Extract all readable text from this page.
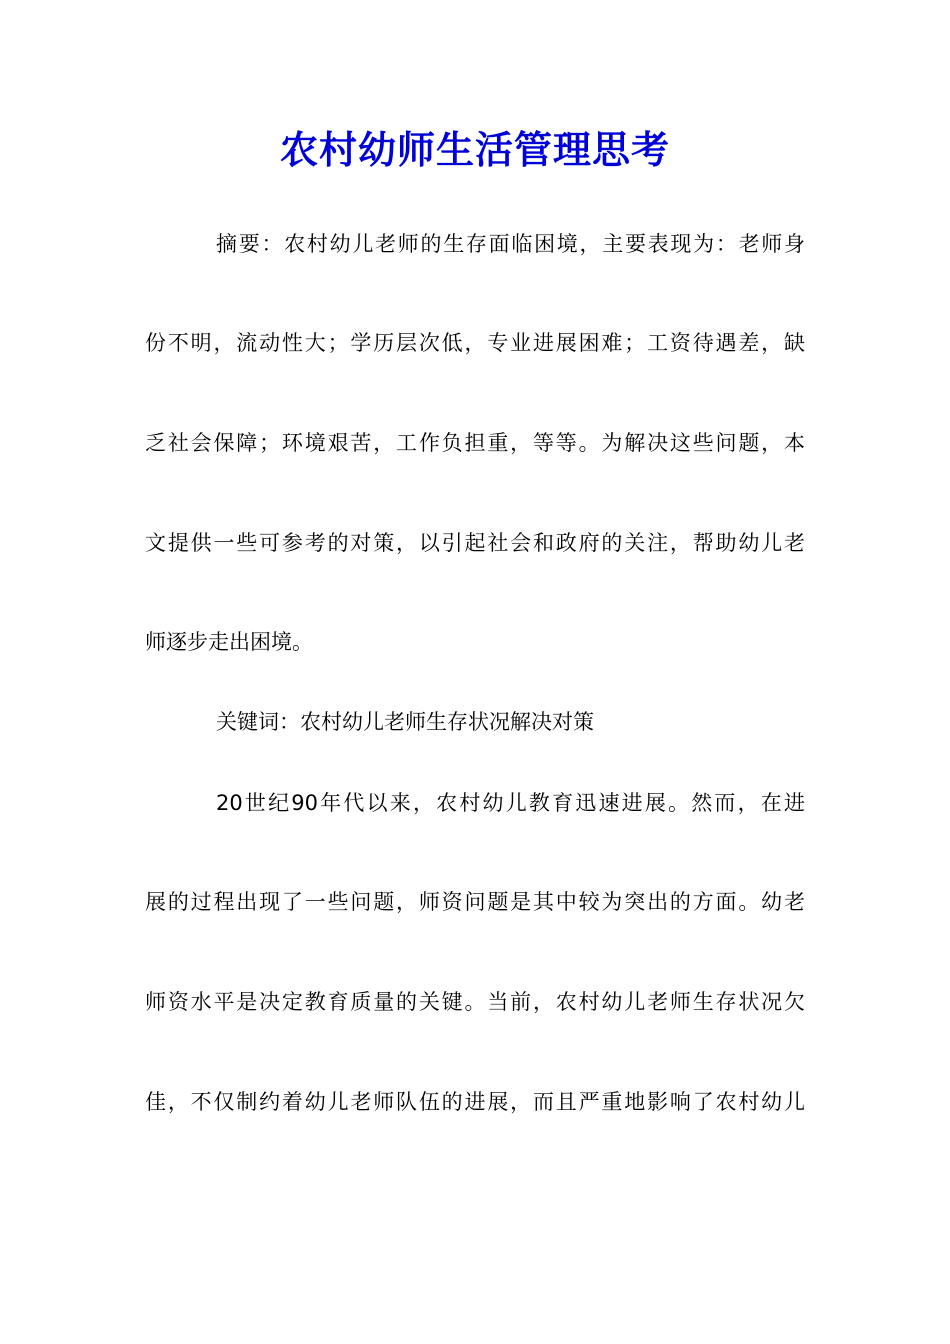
农村幼师生活管理思考

摘要：农村幼儿老师的生存面临困境，主要表现为：老师身

份不明，流动性大；学历层次低，专业进展困难；工资待遇差，缺

乏社会保障；环境艰苦，工作负担重，等等。为解决这些问题，本

文提供一些可参考的对策，以引起社会和政府的关注，帮助幼儿老

师逐步走出困境。

关键词：农村幼儿老师生存状况解决对策

20世纪90年代以来，农村幼儿教育迅速进展。然而，在进

展的过程出现了一些问题，师资问题是其中较为突出的方面。幼老

师资水平是决定教育质量的关键。当前，农村幼儿老师生存状况欠

佳，不仅制约着幼儿老师队伍的进展，而且严重地影响了农村幼儿
